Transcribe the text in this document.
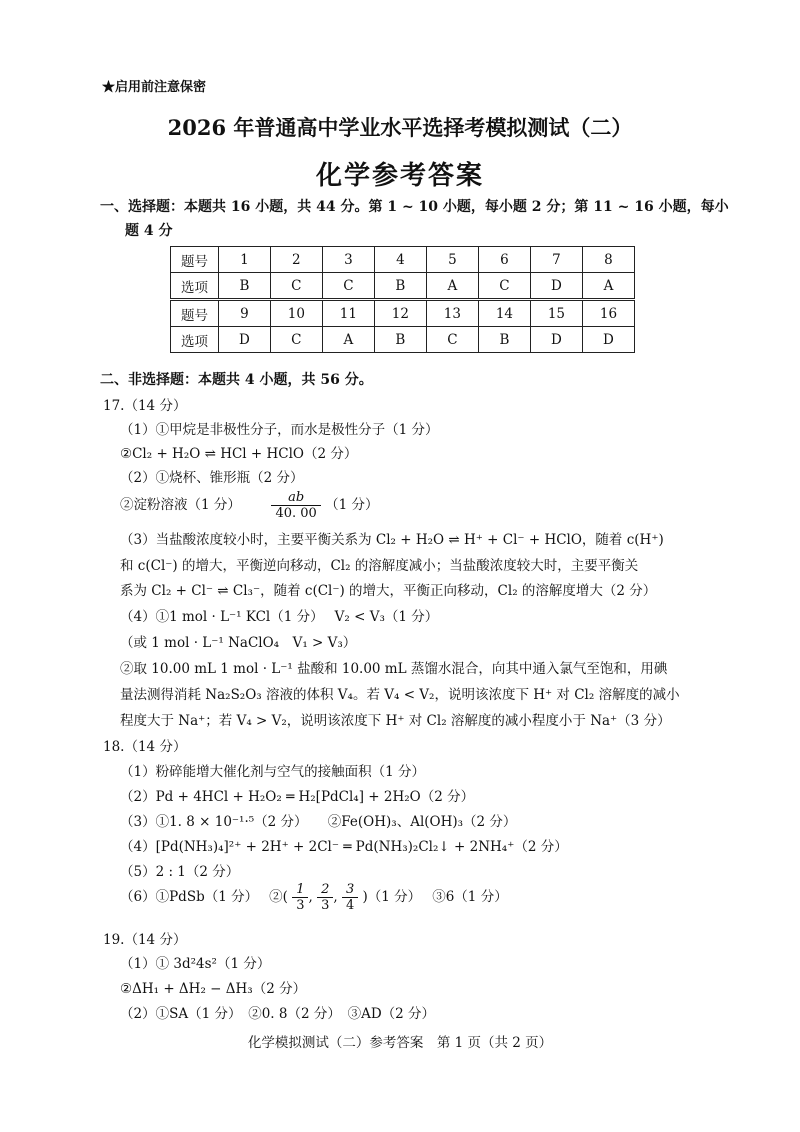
★启用前注意保密
2026 年普通高中学业水平选择考模拟测试（二）
化学参考答案
一、选择题：本题共 16 小题，共 44 分。第 1 ~ 10 小题，每小题 2 分；第 11 ~ 16 小题，每小
题 4 分
题号	1	2	3	4	5	6	7	8
选项	B	C	C	B	A	C	D	A
题号	9	10	11	12	13	14	15	16
选项	D	C	A	B	C	B	D	D
二、非选择题：本题共 4 小题，共 56 分。
17.（14 分）
（1）①甲烷是非极性分子，而水是极性分子（1 分）
②Cl₂ + H₂O ⇌ HCl + HClO（2 分）
（2）①烧杯、锥形瓶（2 分）
②淀粉溶液（1 分） $\frac{ab}{40. 00} (1$ 分）
（3）当盐酸浓度较小时，主要平衡关系为 Cl₂ + H₂O ⇌ H⁺ + Cl⁻ + HClO，随着 c(H⁺)
和 c(Cl⁻) 的增大，平衡逆向移动，Cl₂ 的溶解度减小；当盐酸浓度较大时，主要平衡关
系为 Cl₂ + Cl⁻ ⇌ Cl₃⁻，随着 c(Cl⁻) 的增大，平衡正向移动，Cl₂ 的溶解度增大（2 分）
（4）①1 mol · L⁻¹ KCl（1 分）　 V₂ < V₃（1 分）
（或 1 mol · L⁻¹ NaClO₄　V₁ > V₃）
②取 10.00 mL 1 mol · L⁻¹ 盐酸和 10.00 mL 蒸馏水混合，向其中通入氯气至饱和，用碘
量法测得消耗 Na₂S₂O₃ 溶液的体积 V₄。若 V₄ < V₂，说明该浓度下 H⁺ 对 Cl₂ 溶解度的减小
程度大于 Na⁺；若 V₄ > V₂，说明该浓度下 H⁺ 对 Cl₂ 溶解度的减小程度小于 Na⁺（3 分）
18.（14 分）
（1）粉碎能增大催化剂与空气的接触面积（1 分）
（2）Pd + 4HCl + H₂O₂ ═ H₂[PdCl₄] + 2H₂O（2 分）
（3）①1. 8 × 10⁻¹·⁵（2 分）　　②Fe(OH)₃、Al(OH)₃（2 分）
（4）[Pd(NH₃)₄]²⁺ + 2H⁺ + 2Cl⁻ ═ Pd(NH₃)₂Cl₂↓ + 2NH₄⁺（2 分）
（5）2 : 1（2 分）
（6）①PdSb（1 分）　 ②( $\frac{1}{3}$ , $\frac{2}{3}$ , $\frac{3}{4} )(1$ 分）　 ③6（1 分）
19.（14 分）
（1）① 3d²4s²（1 分）
②ΔH₁ + ΔH₂ − ΔH₃（2 分）
（2）①SA（1 分）　②0. 8（2 分）　③AD（2 分）
化学模拟测试（二）参考答案　第 1 页（共 2 页）
